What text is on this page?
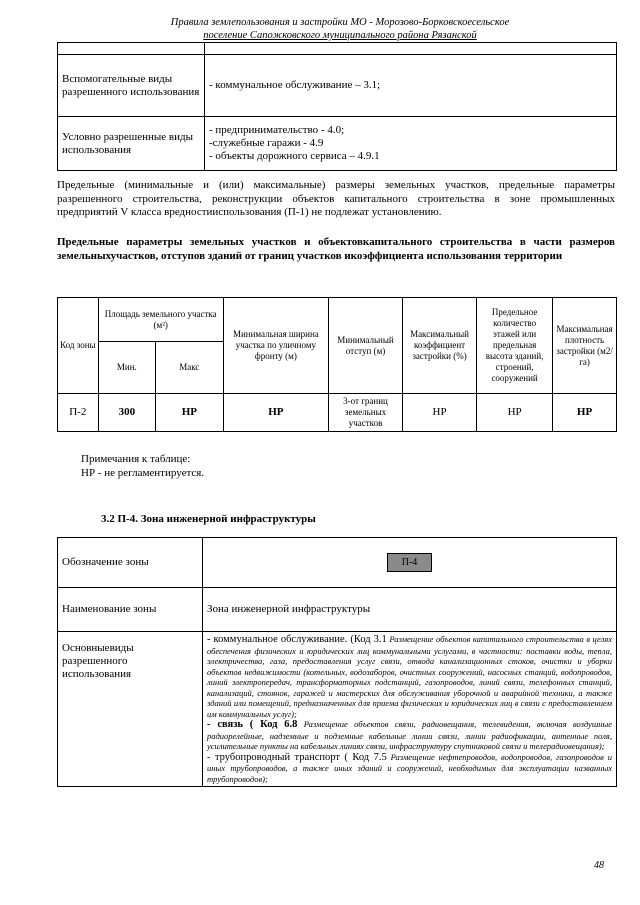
Правила землепользования и застройки МО - Морозово-Борковскоесельское
поселение Сапожковского муниципального района Рязанской

Вспомогательные виды разрешенного использования	- коммунальное обслуживание – 3.1;
Условно разрешенные виды использования	- предпринимательство - 4.0;
-служебные гаражи - 4.9
- объекты дорожного сервиса – 4.9.1
Предельные (минимальные и (или) максимальные) размеры земельных участков, предельные параметры разрешенного строительства, реконструкции объектов капитального строительства в зоне промышленных предприятий V класса вредностииспользования (П-1) не подлежат установлению.
Предельные параметры земельных участков и объектовкапитального строительства в части размеров земельныхучастков, отступов зданий от границ участков икоэффициента использования территории
Код зоны	Площадь земельного участка (м²)		Минимальная ширина участка по уличному фронту (м)	Минимальный отступ (м)	Максимальный коэффициент застройки (%)	Предельное количество этажей или предельная высота зданий, строений, сооружений	Максимальная плотность застройки (м2/га)
	Мин.	Макс					
П-2	300	НР	НР	3-от границ земельных участков	НР	НР	НР
Примечания к таблице:
НР - не регламентируется.
3.2 П-4. Зона инженерной инфраструктуры
Обозначение зоны	П-4
Наименование зоны	Зона инженерной инфраструктуры
Основныевиды разрешенного использования	- коммунальное обслуживание. (Код 3.1 Размещение объектов капитального строительства в целях обеспечения физических и юридических лиц коммунальными услугами, в частности: поставки воды, тепла, электричества, газа, предоставления услуг связи, отвода канализационных стоков, очистки и уборки объектов недвижимости (котельных, водозаборов, очистных сооружений, насосных станций, водопроводов, линий электропередач, трансформаторных подстанций, газопроводов, линий связи, телефонных станций, канализаций, стоянок, гаражей и мастерских для обслуживания уборочной и аварийной техники, а также зданий или помещений, предназначенных для приема физических и юридических лиц в связи с предоставлением им коммунальных услуг);
- связь ( Код 6.8 Размещение объектов связи, радиовещания, телевидения, включая воздушные радиорелейные, надземные и подземные кабельные линии связи, линии радиофикации, антенные поля, усилительные пункты на кабельных линиях связи, инфраструктуру спутниковой связи и телерадиовещания);
- трубопроводный транспорт ( Код 7.5 Размещение нефтепроводов, водопроводов, газопроводов и иных трубопроводов, а также иных зданий и сооружений, необходимых для эксплуатации названных трубопроводов);
48
